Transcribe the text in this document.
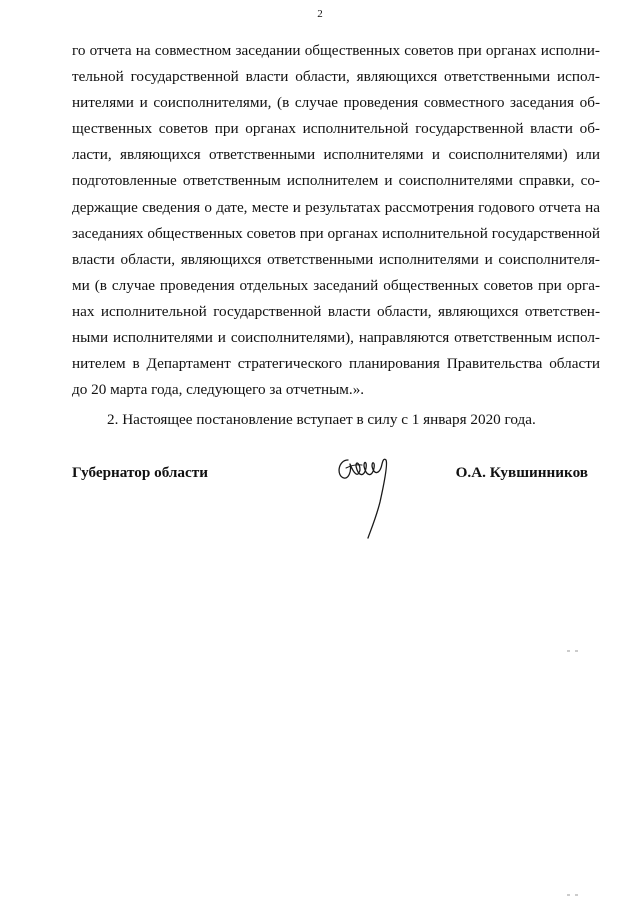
2

го отчета на совместном заседании общественных советов при органах исполни-
тельной государственной власти области, являющихся ответственными испол-
нителями и соисполнителями, (в случае проведения совместного заседания об-
щественных советов при органах исполнительной государственной власти об-
ласти, являющихся ответственными исполнителями и соисполнителями) или
подготовленные ответственным исполнителем и соисполнителями справки, со-
держащие сведения о дате, месте и результатах рассмотрения годового отчета на
заседаниях общественных советов при органах исполнительной государственной
власти области, являющихся ответственными исполнителями и соисполнителя-
ми (в случае проведения отдельных заседаний общественных советов при орга-
нах исполнительной государственной власти области, являющихся ответствен-
ными исполнителями и соисполнителями), направляются ответственным испол-
нителем в Департамент стратегического планирования Правительства области
до 20 марта года, следующего за отчетным.».

2. Настоящее постановление вступает в силу с 1 января 2020 года.

Губернатор области	О.А. Кувшинников
